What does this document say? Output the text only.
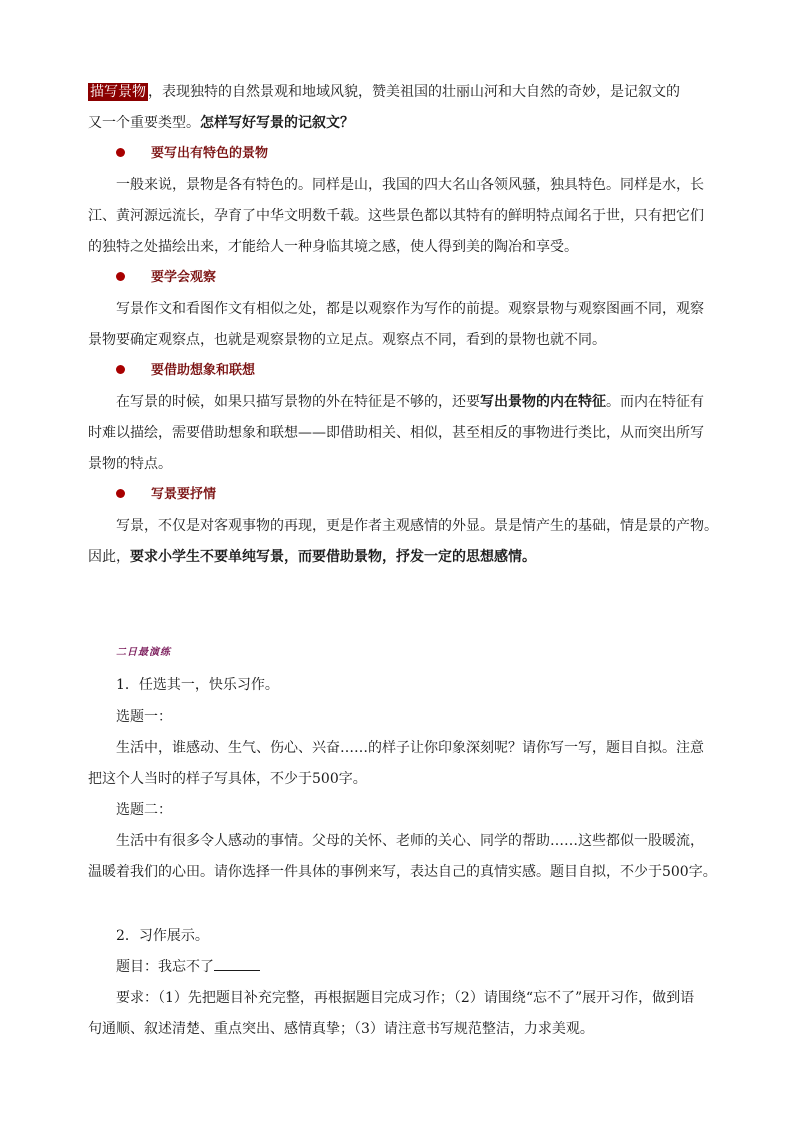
描写景物 ，表现独特的自然景观和地域风貌，赞美祖国的壮丽山河和大自然的奇妙，是记叙文的
又一个重要类型。怎样写好写景的记叙文？
要写出有特色的景物
一般来说，景物是各有特色的。同样是山，我国的四大名山各领风骚，独具特色。同样是水，长
江、黄河源远流长，孕育了中华文明数千载。这些景色都以其特有的鲜明特点闻名于世，只有把它们
的独特之处描绘出来，才能给人一种身临其境之感，使人得到美的陶冶和享受。
要学会观察
写景作文和看图作文有相似之处，都是以观察作为写作的前提。观察景物与观察图画不同，观察
景物要确定观察点，也就是观察景物的立足点。观察点不同，看到的景物也就不同。
要借助想象和联想
在写景的时候，如果只描写景物的外在特征是不够的，还要写出景物的内在特征。而内在特征有
时难以描绘，需要借助想象和联想——即借助相关、相似，甚至相反的事物进行类比，从而突出所写
景物的特点。
写景要抒情
写景，不仅是对客观事物的再现，更是作者主观感情的外显。景是情产生的基础，情是景的产物。
因此，要求小学生不要单纯写景，而要借助景物，抒发一定的思想感情。
二日最演练
1．任选其一，快乐习作。
选题一：
生活中，谁感动、生气、伤心、兴奋……的样子让你印象深刻呢？请你写一写，题目自拟。注意
把这个人当时的样子写具体，不少于500字。
选题二：
生活中有很多令人感动的事情。父母的关怀、老师的关心、同学的帮助……这些都似一股暖流，
温暖着我们的心田。请你选择一件具体的事例来写，表达自己的真情实感。题目自拟，不少于500字。
2．习作展示。
题目：我忘不了
要求：（1）先把题目补充完整，再根据题目完成习作；（2）请围绕“忘不了”展开习作，做到语
句通顺、叙述清楚、重点突出、感情真挚；（3）请注意书写规范整洁，力求美观。
